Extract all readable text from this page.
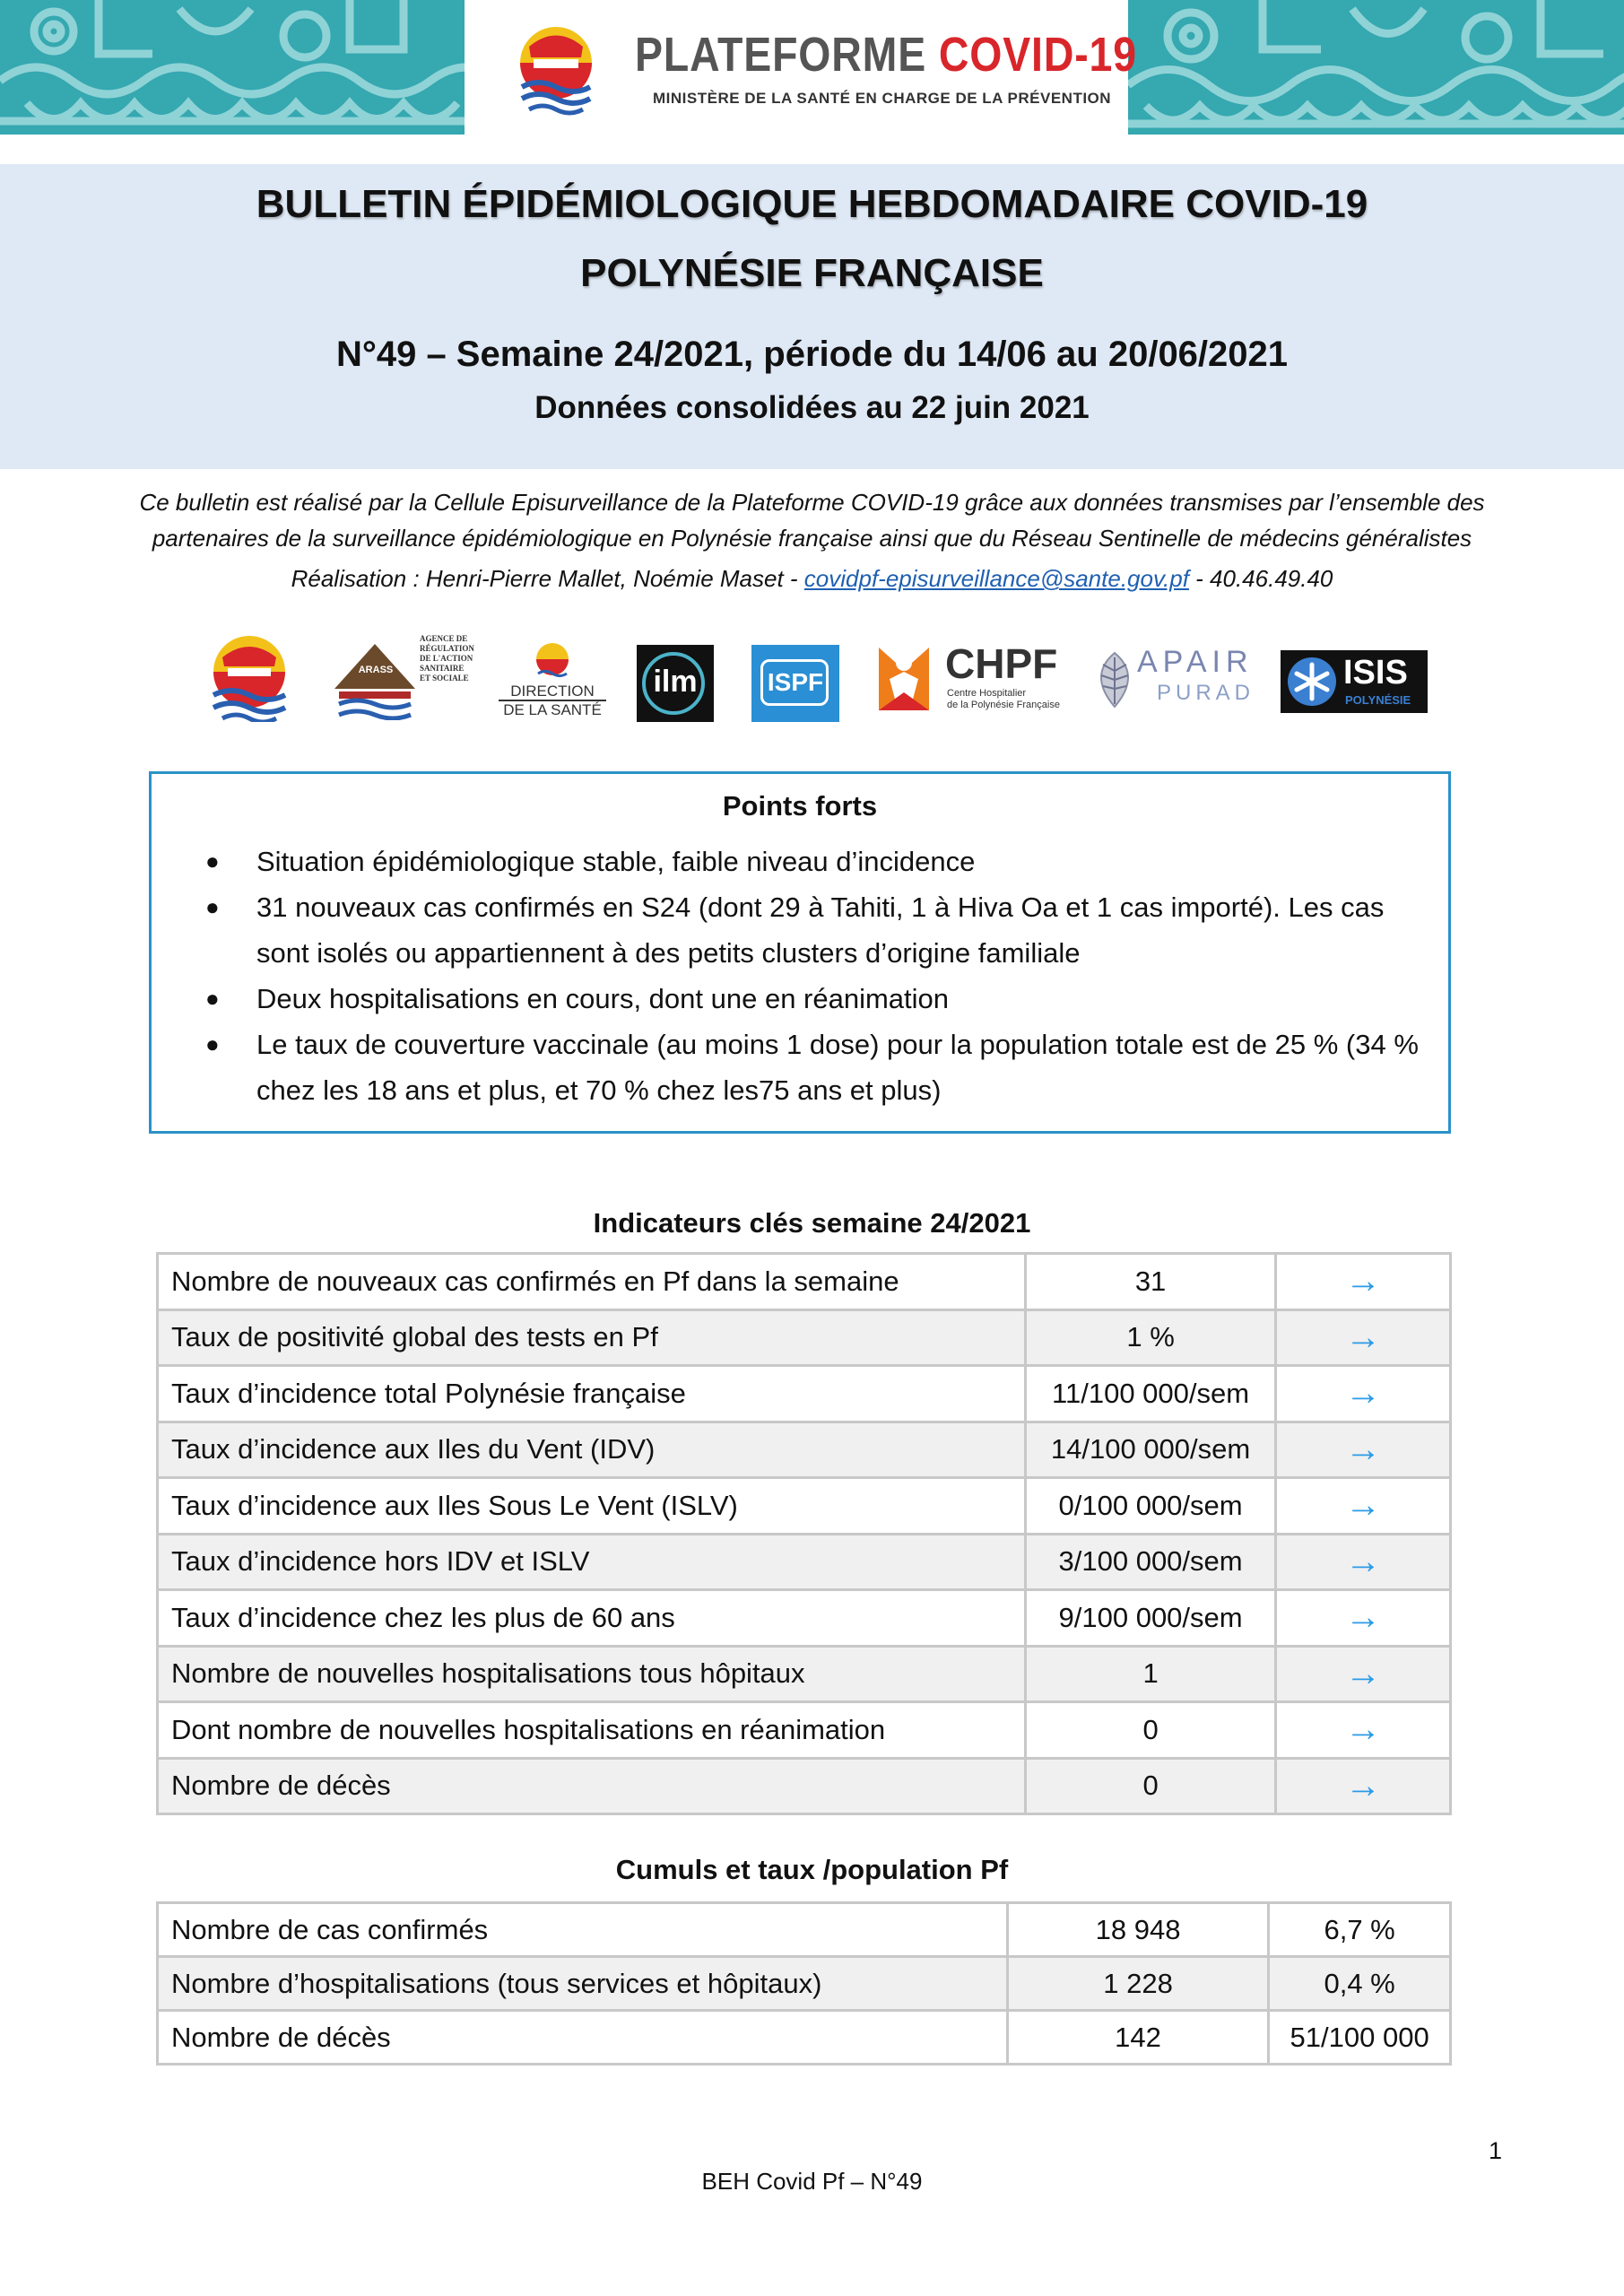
PLATEFORME COVID-19
MINISTÈRE DE LA SANTÉ EN CHARGE DE LA PRÉVENTION
BULLETIN ÉPIDÉMIOLOGIQUE HEBDOMADAIRE COVID-19
POLYNÉSIE FRANÇAISE
N°49 – Semaine 24/2021, période du 14/06 au 20/06/2021
Données consolidées au 22 juin 2021
Ce bulletin est réalisé par la Cellule Episurveillance de la Plateforme COVID-19 grâce aux données transmises par l’ensemble des partenaires de la surveillance épidémiologique en Polynésie française ainsi que du Réseau Sentinelle de médecins généralistes
Réalisation : Henri-Pierre Mallet, Noémie Maset - covidpf-episurveillance@sante.gov.pf - 40.46.49.40
ARASS
AGENCE DE
RÉGULATION
DE L'ACTION
SANITAIRE
ET SOCIALE
DIRECTION
DE LA SANTÉ
ilm	ISPF	CHPF
Centre Hospitalier
de la Polynésie Française
APAIR
PURAD
ISIS
POLYNÉSIE
Points forts
● Situation épidémiologique stable, faible niveau d’incidence
● 31 nouveaux cas confirmés en S24 (dont 29 à Tahiti, 1 à Hiva Oa et 1 cas importé). Les cas sont isolés ou appartiennent à des petits clusters d’origine familiale
● Deux hospitalisations en cours, dont une en réanimation
● Le taux de couverture vaccinale (au moins 1 dose) pour la population totale est de 25 % (34 % chez les 18 ans et plus, et 70 % chez les75 ans et plus)
Indicateurs clés semaine 24/2021
Nombre de nouveaux cas confirmés en Pf dans la semaine	31	→
Taux de positivité global des tests en Pf	1 %	→
Taux d’incidence total Polynésie française	11/100 000/sem	→
Taux d’incidence aux Iles du Vent (IDV)	14/100 000/sem	→
Taux d’incidence aux Iles Sous Le Vent (ISLV)	0/100 000/sem	→
Taux d’incidence hors IDV et ISLV	3/100 000/sem	→
Taux d’incidence chez les plus de 60 ans	9/100 000/sem	→
Nombre de nouvelles hospitalisations tous hôpitaux	1	→
Dont nombre de nouvelles hospitalisations en réanimation	0	→
Nombre de décès	0	→
Cumuls et taux /population Pf
Nombre de cas confirmés	18 948	6,7 %
Nombre d’hospitalisations (tous services et hôpitaux)	1 228	0,4 %
Nombre de décès	142	51/100 000
1
BEH Covid Pf – N°49
